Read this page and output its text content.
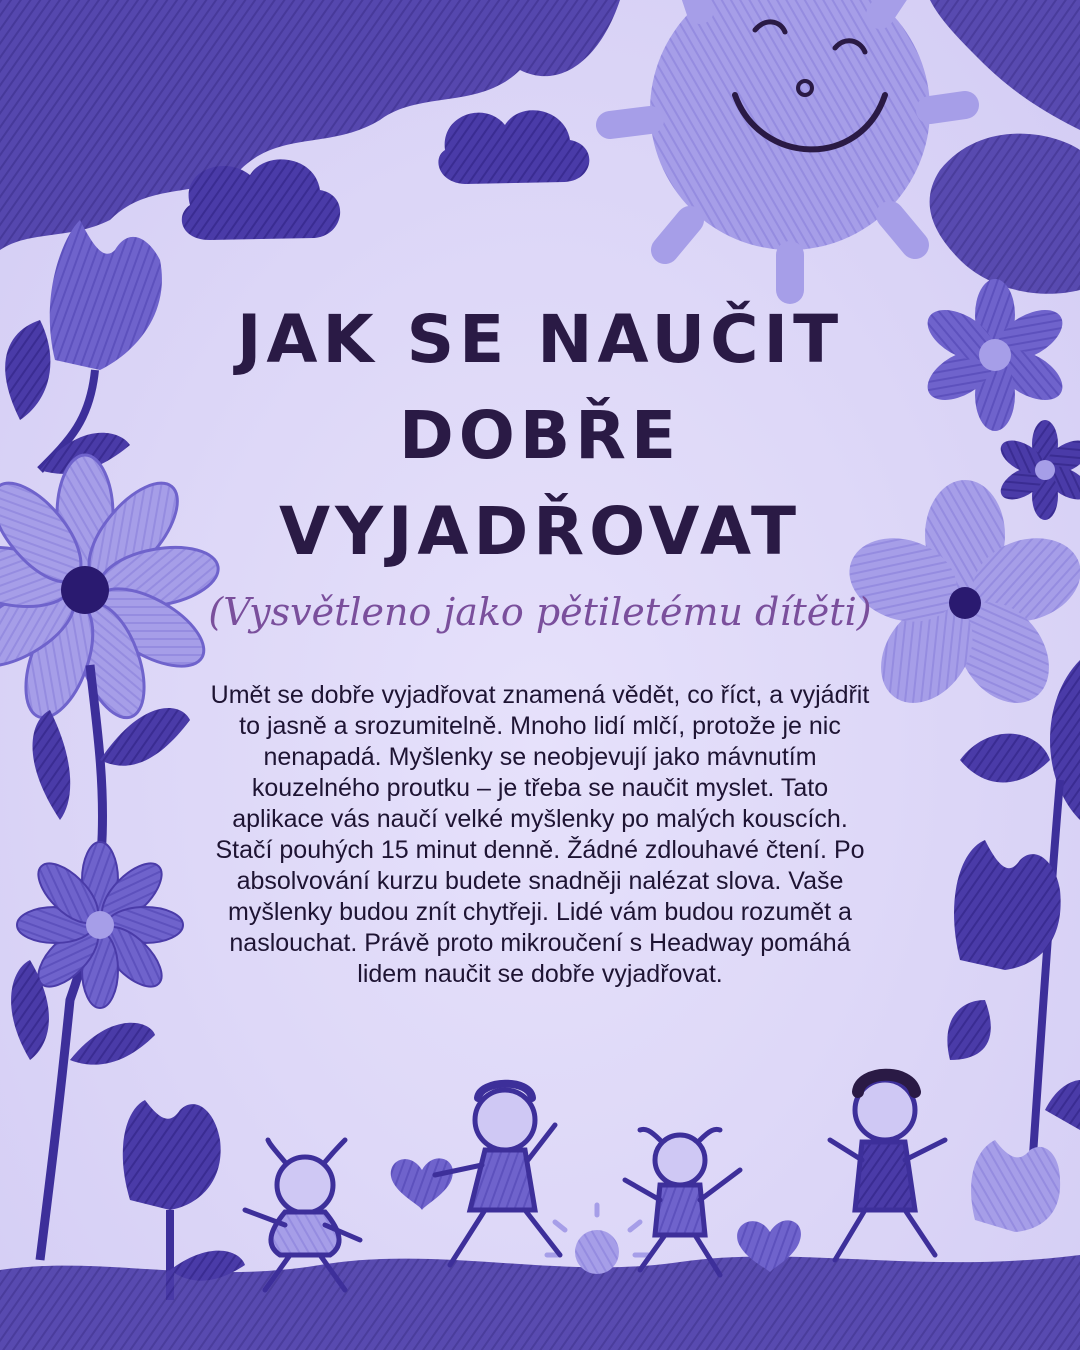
JAK SE NAUČIT
DOBŘE
VYJADŘOVAT

(Vysvětleno jako pětiletému dítěti)

Umět se dobře vyjadřovat znamená vědět, co říct, a vyjádřit to jasně a srozumitelně. Mnoho lidí mlčí, protože je nic nenapadá. Myšlenky se neobjevují jako mávnutím kouzelného proutku – je třeba se naučit myslet. Tato aplikace vás naučí velké myšlenky po malých kouscích. Stačí pouhých 15 minut denně. Žádné zdlouhavé čtení. Po absolvování kurzu budete snadněji nalézat slova. Vaše myšlenky budou znít chytřeji. Lidé vám budou rozumět a naslouchat. Právě proto mikroučení s Headway pomáhá lidem naučit se dobře vyjadřovat.
